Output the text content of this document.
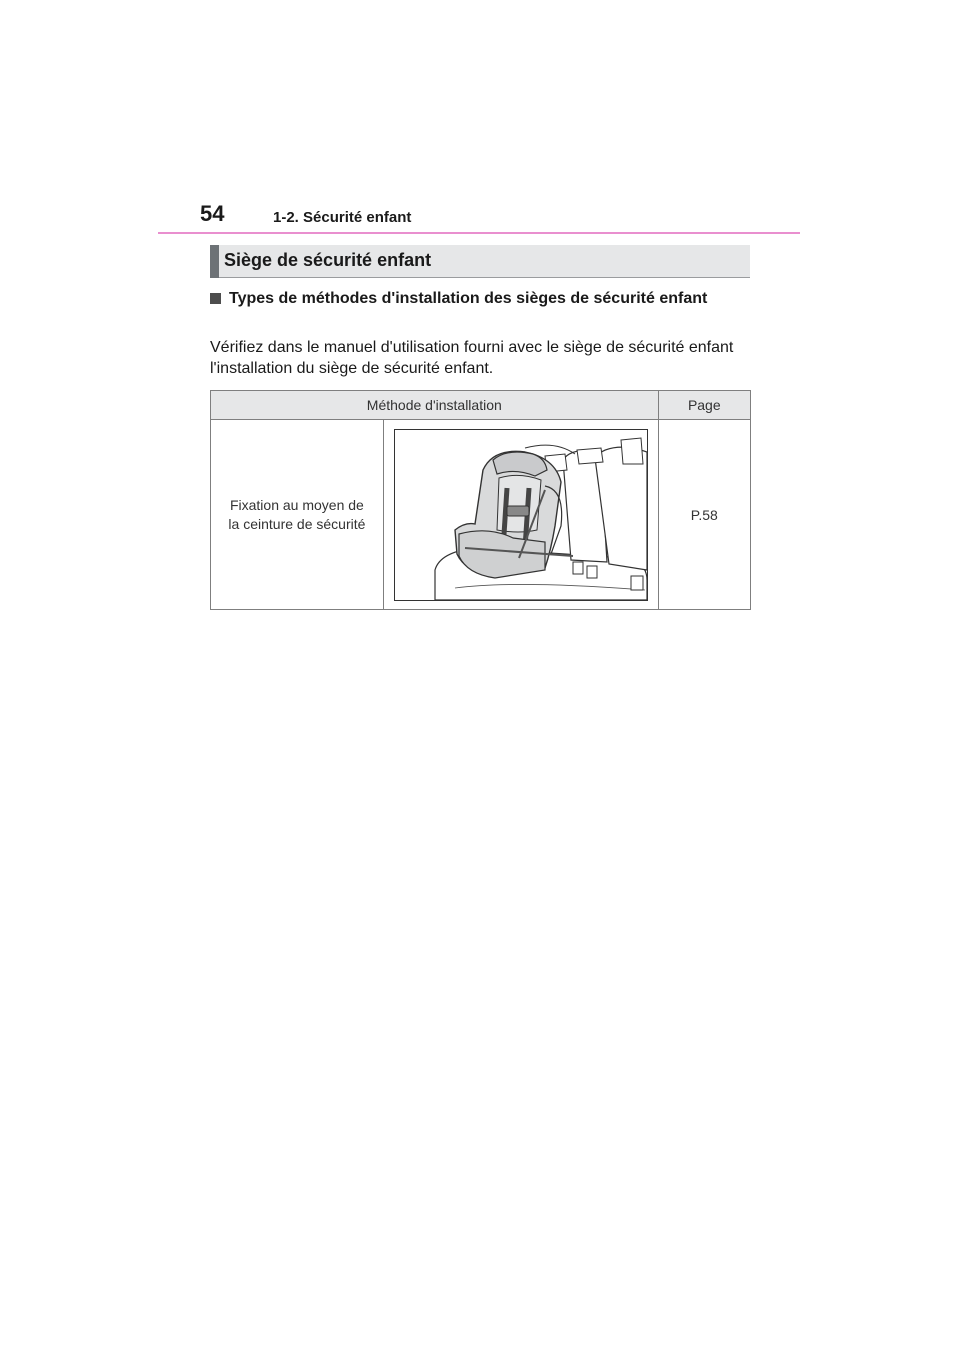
54	1-2. Sécurité enfant
Siège de sécurité enfant
Types de méthodes d'installation des sièges de sécurité enfant
Vérifiez dans le manuel d'utilisation fourni avec le siège de sécurité enfant l'installation du siège de sécurité enfant.
Méthode d'installation		Page
Fixation au moyen de
la ceinture de sécurité		P.58
